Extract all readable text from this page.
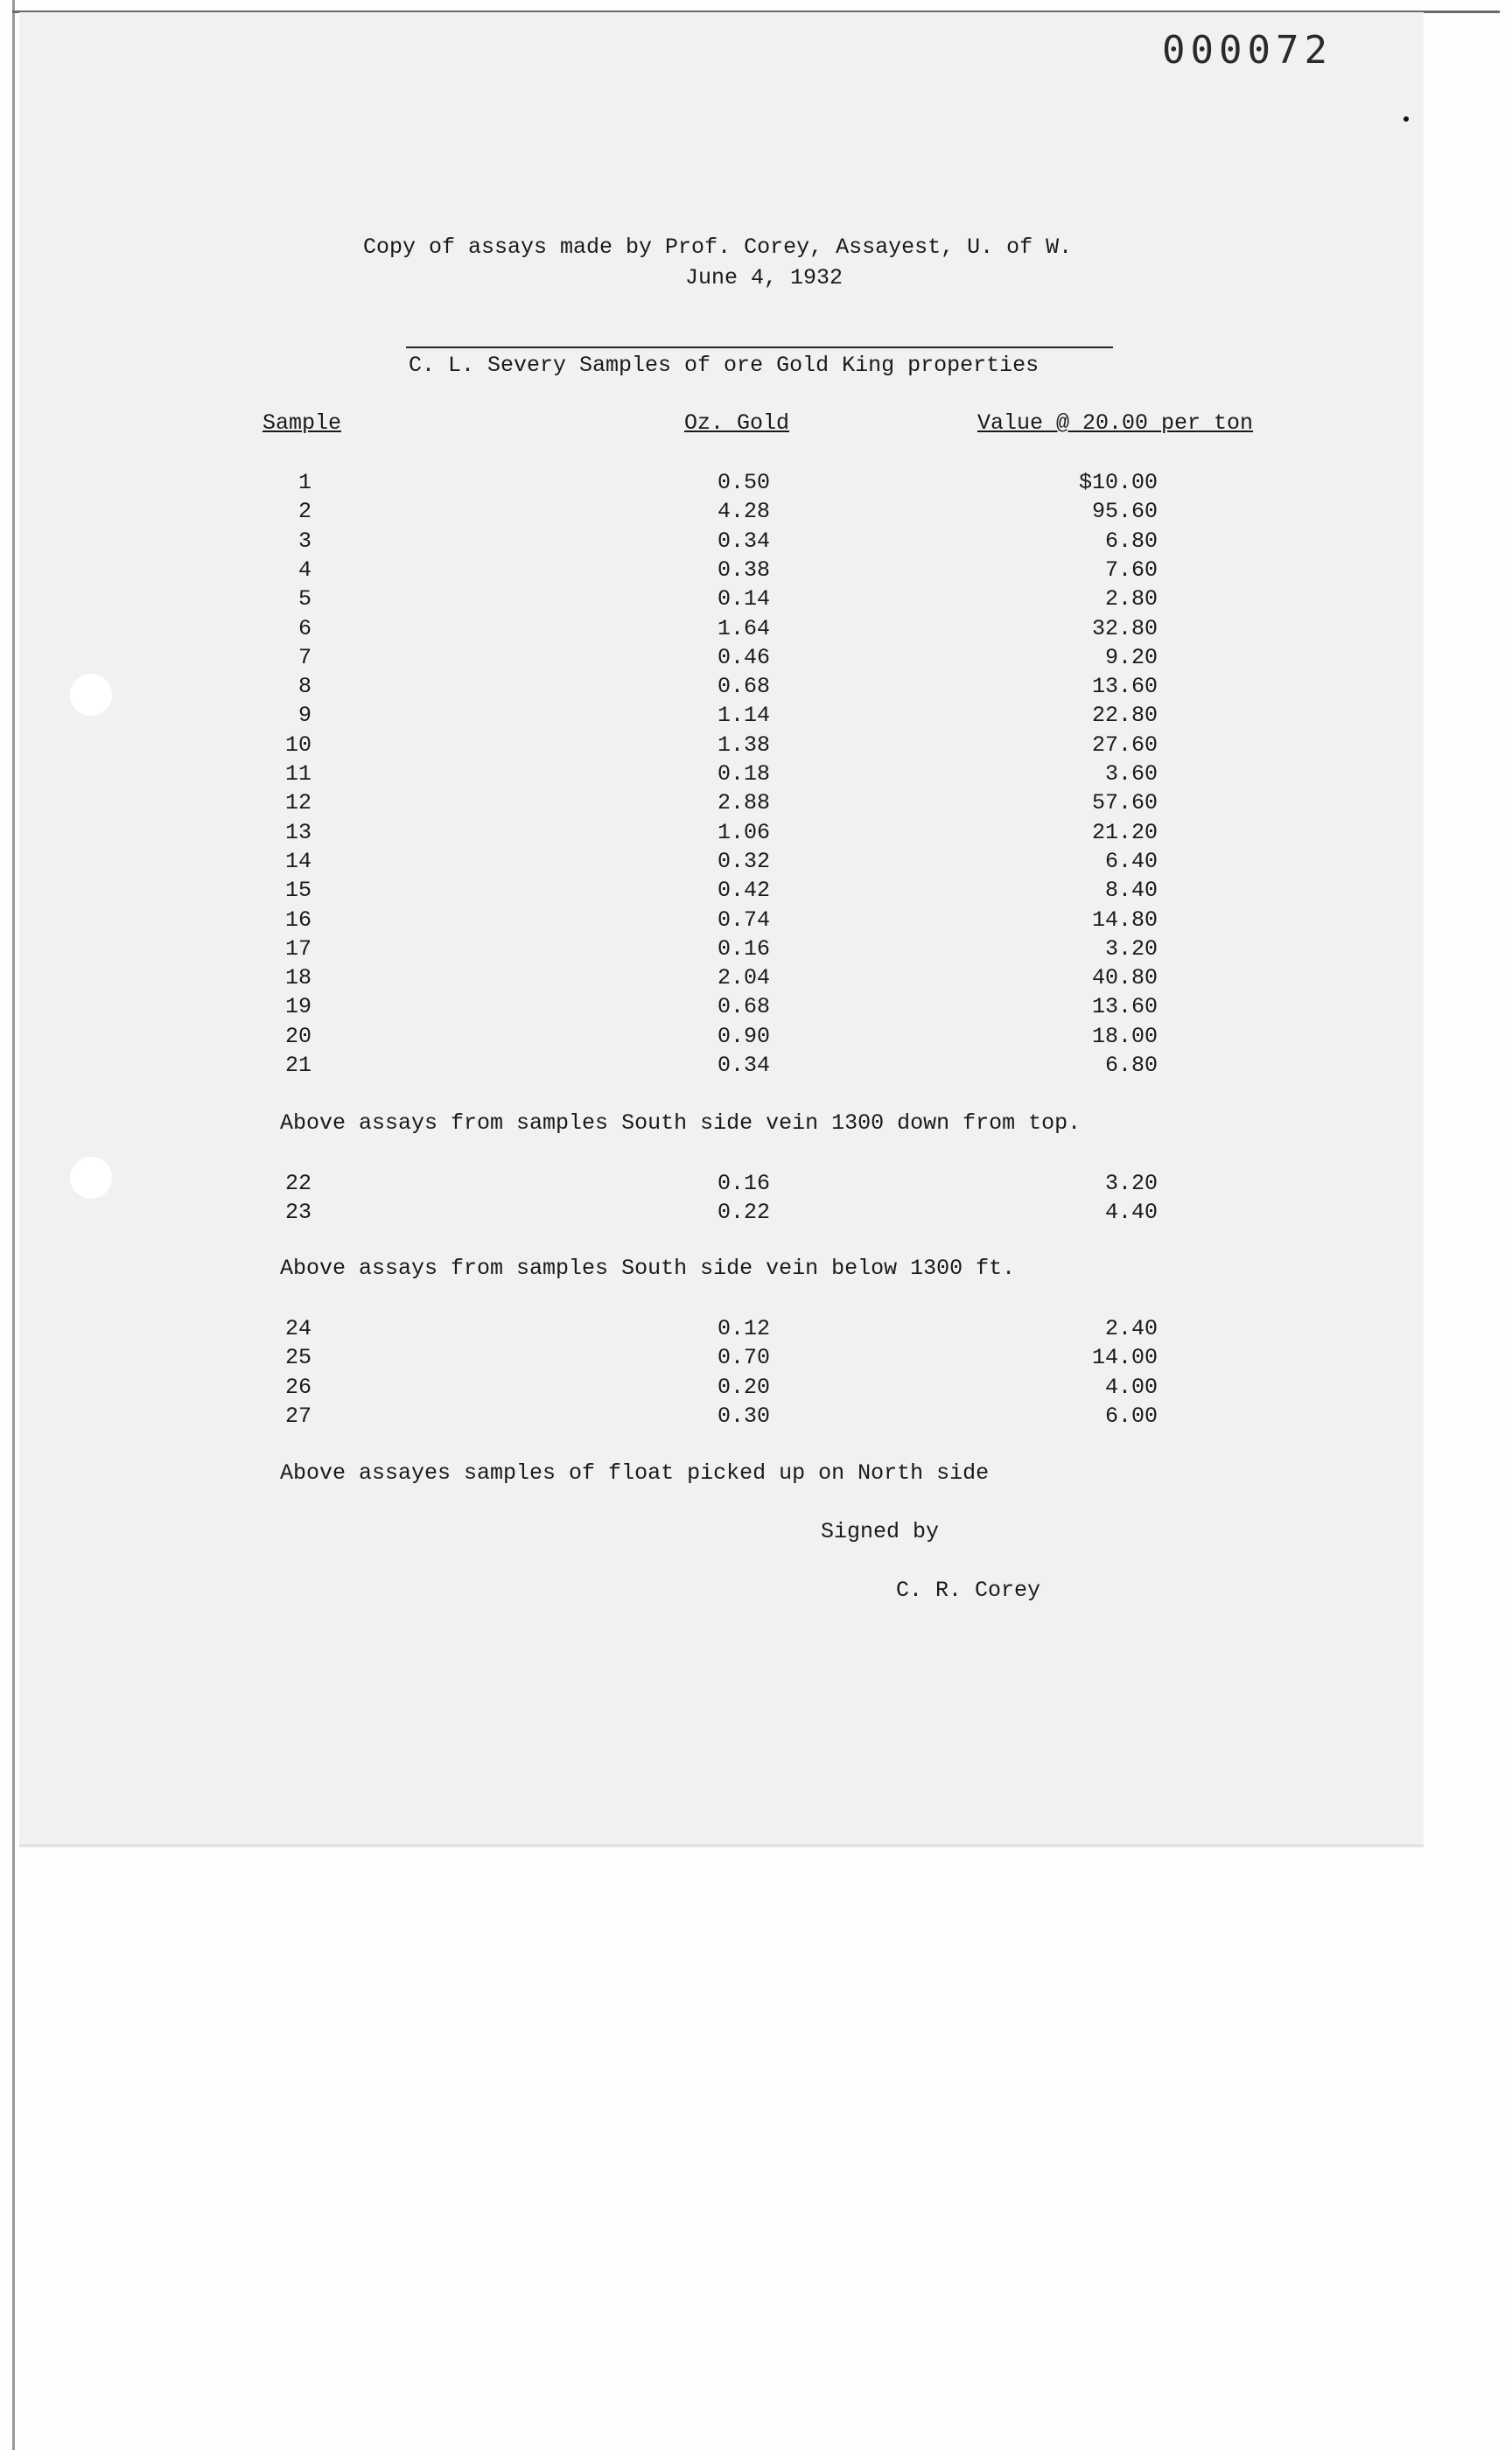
000072
Copy of assays made by Prof. Corey, Assayest, U. of W.
June 4, 1932
C. L. Severy Samples of ore Gold King properties
Sample	Oz. Gold	Value @ 20.00 per ton
1	0.50	$10.00
2	4.28	95.60
3	0.34	6.80
4	0.38	7.60
5	0.14	2.80
6	1.64	32.80
7	0.46	9.20
8	0.68	13.60
9	1.14	22.80
10	1.38	27.60
11	0.18	3.60
12	2.88	57.60
13	1.06	21.20
14	0.32	6.40
15	0.42	8.40
16	0.74	14.80
17	0.16	3.20
18	2.04	40.80
19	0.68	13.60
20	0.90	18.00
21	0.34	6.80
22	0.16	3.20
23	0.22	4.40
24	0.12	2.40
25	0.70	14.00
26	0.20	4.00
27	0.30	6.00
Above assays from samples South side vein 1300 down from top.
Above assays from samples South side vein below 1300 ft.
Above assayes samples of float picked up on North side
Signed by
C. R. Corey
